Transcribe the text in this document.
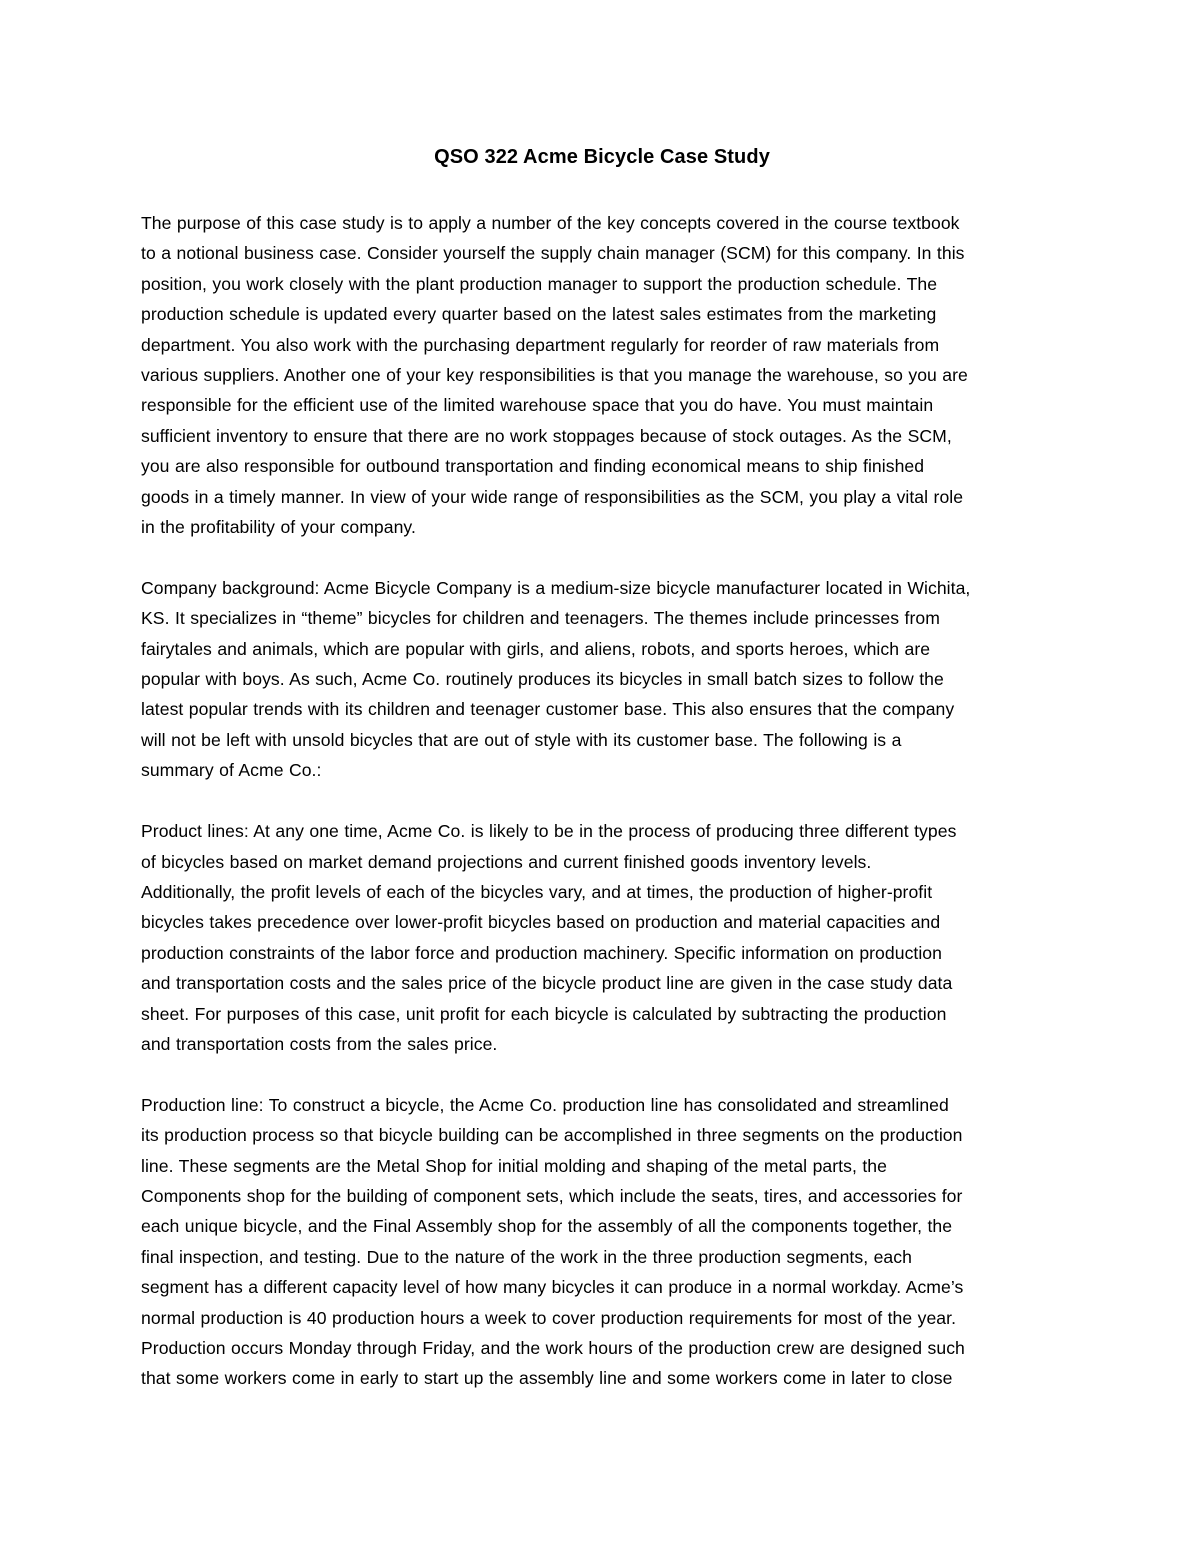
QSO 322 Acme Bicycle Case Study
The purpose of this case study is to apply a number of the key concepts covered in the course textbook
to a notional business case. Consider yourself the supply chain manager (SCM) for this company. In this
position, you work closely with the plant production manager to support the production schedule. The
production schedule is updated every quarter based on the latest sales estimates from the marketing
department. You also work with the purchasing department regularly for reorder of raw materials from
various suppliers. Another one of your key responsibilities is that you manage the warehouse, so you are
responsible for the efficient use of the limited warehouse space that you do have. You must maintain
sufficient inventory to ensure that there are no work stoppages because of stock outages. As the SCM,
you are also responsible for outbound transportation and finding economical means to ship finished
goods in a timely manner. In view of your wide range of responsibilities as the SCM, you play a vital role
in the profitability of your company.
Company background: Acme Bicycle Company is a medium-size bicycle manufacturer located in Wichita,
KS. It specializes in “theme” bicycles for children and teenagers. The themes include princesses from
fairytales and animals, which are popular with girls, and aliens, robots, and sports heroes, which are
popular with boys. As such, Acme Co. routinely produces its bicycles in small batch sizes to follow the
latest popular trends with its children and teenager customer base. This also ensures that the company
will not be left with unsold bicycles that are out of style with its customer base. The following is a
summary of Acme Co.:
Product lines: At any one time, Acme Co. is likely to be in the process of producing three different types
of bicycles based on market demand projections and current finished goods inventory levels.
Additionally, the profit levels of each of the bicycles vary, and at times, the production of higher-profit
bicycles takes precedence over lower-profit bicycles based on production and material capacities and
production constraints of the labor force and production machinery. Specific information on production
and transportation costs and the sales price of the bicycle product line are given in the case study data
sheet. For purposes of this case, unit profit for each bicycle is calculated by subtracting the production
and transportation costs from the sales price.
Production line: To construct a bicycle, the Acme Co. production line has consolidated and streamlined
its production process so that bicycle building can be accomplished in three segments on the production
line. These segments are the Metal Shop for initial molding and shaping of the metal parts, the
Components shop for the building of component sets, which include the seats, tires, and accessories for
each unique bicycle, and the Final Assembly shop for the assembly of all the components together, the
final inspection, and testing. Due to the nature of the work in the three production segments, each
segment has a different capacity level of how many bicycles it can produce in a normal workday. Acme’s
normal production is 40 production hours a week to cover production requirements for most of the year.
Production occurs Monday through Friday, and the work hours of the production crew are designed such
that some workers come in early to start up the assembly line and some workers come in later to close
